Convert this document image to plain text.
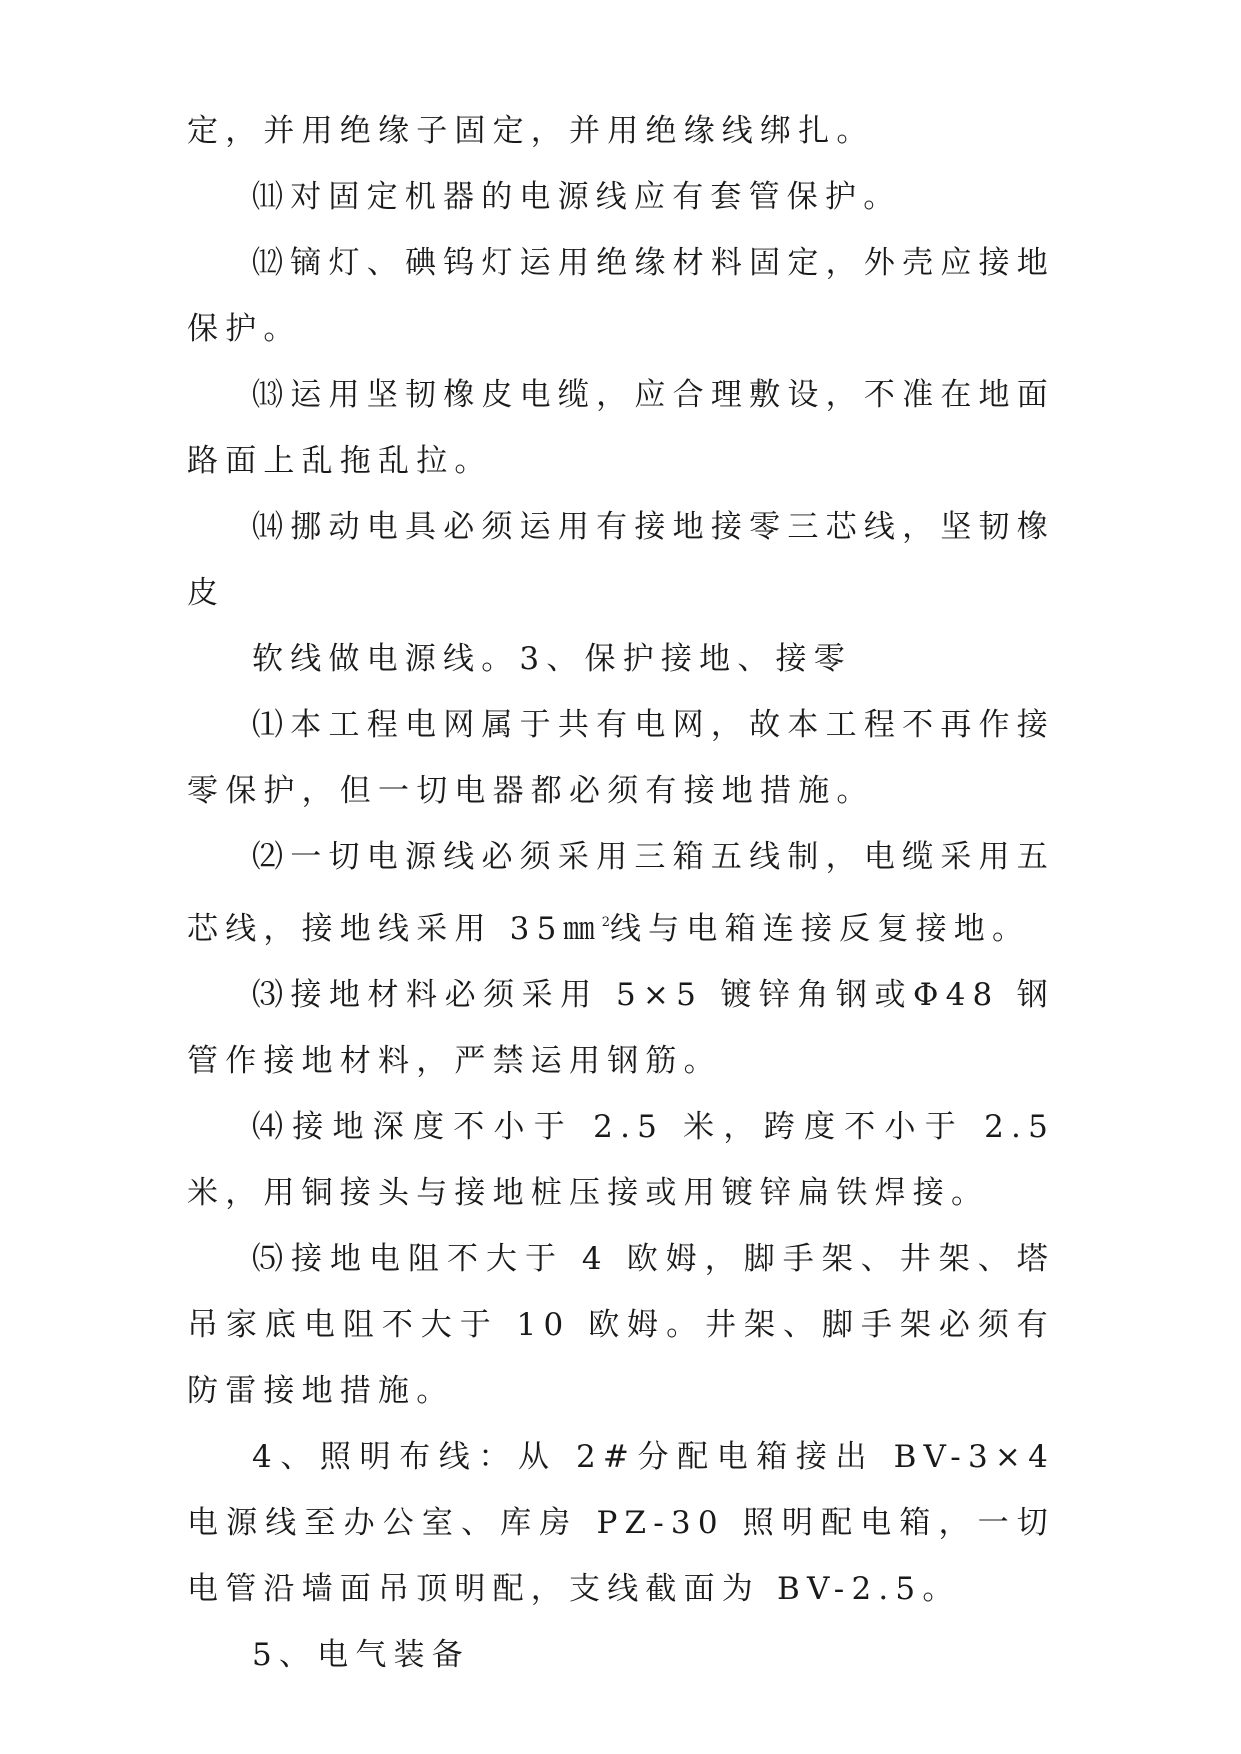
定，并用绝缘子固定，并用绝缘线绑扎。

⑾对固定机器的电源线应有套管保护。

⑿镝灯、碘钨灯运用绝缘材料固定，外壳应接地保护。

⒀运用坚韧橡皮电缆，应合理敷设，不准在地面路面上乱拖乱拉。

⒁挪动电具必须运用有接地接零三芯线，坚韧橡皮
软线做电源线。3、保护接地、接零

⑴本工程电网属于共有电网，故本工程不再作接零保护，但一切电器都必须有接地措施。

⑵一切电源线必须采用三箱五线制，电缆采用五芯线，接地线采用 35㎜$^2$线与电箱连接反复接地。

⑶接地材料必须采用 5×5 镀锌角钢或Φ48 钢管作接地材料，严禁运用钢筋。

⑷接地深度不小于 2.5 米，跨度不小于 2.5 米，用铜接头与接地桩压接或用镀锌扁铁焊接。

⑸接地电阻不大于 4 欧姆，脚手架、井架、塔吊家底电阻不大于 10 欧姆。井架、脚手架必须有防雷接地措施。

4、照明布线：从 2#分配电箱接出 BV-3×4 电源线至办公室、库房 PZ-30 照明配电箱，一切电管沿墙面吊顶明配，支线截面为 BV-2.5。

5、电气装备
